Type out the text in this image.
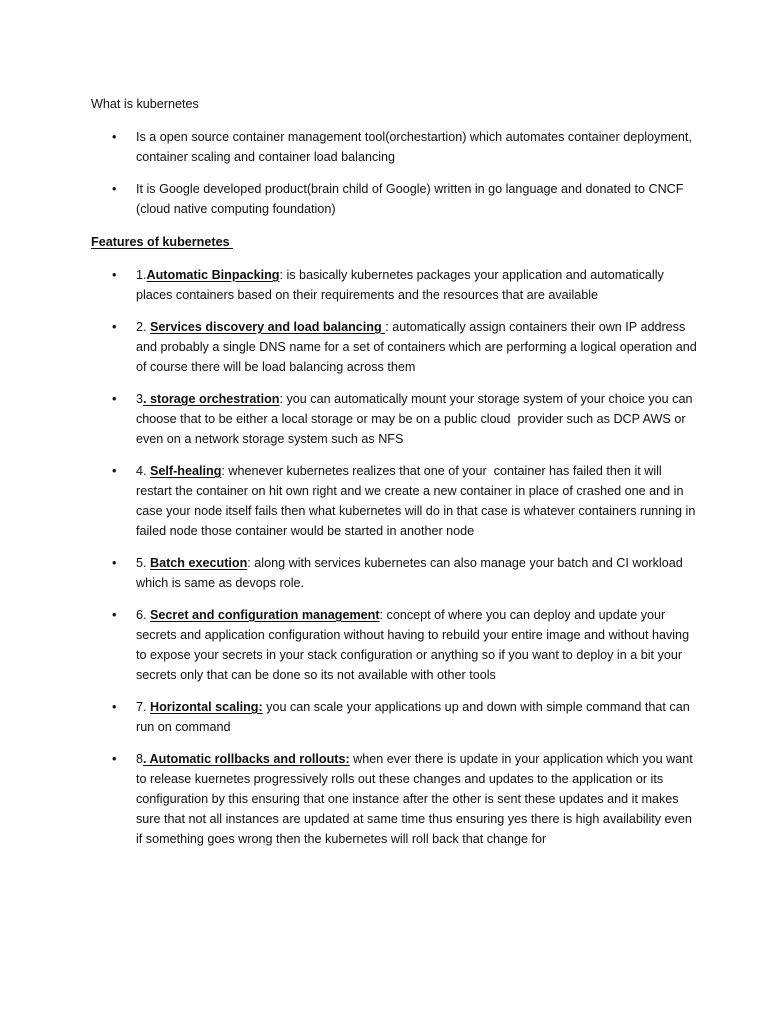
What is kubernetes

• Is a open source container management tool(orchestartion) which automates container deployment, container scaling and container load balancing
• It is Google developed product(brain child of Google) written in go language and donated to CNCF (cloud native computing foundation)

Features of kubernetes

• 1.Automatic Binpacking: is basically kubernetes packages your application and automatically places containers based on their requirements and the resources that are available
• 2. Services discovery and load balancing : automatically assign containers their own IP address and probably a single DNS name for a set of containers which are performing a logical operation and of course there will be load balancing across them
• 3. storage orchestration: you can automatically mount your storage system of your choice you can choose that to be either a local storage or may be on a public cloud  provider such as DCP AWS or even on a network storage system such as NFS
• 4. Self-healing: whenever kubernetes realizes that one of your  container has failed then it will restart the container on hit own right and we create a new container in place of crashed one and in case your node itself fails then what kubernetes will do in that case is whatever containers running in failed node those container would be started in another node
• 5. Batch execution: along with services kubernetes can also manage your batch and CI workload which is same as devops role.
• 6. Secret and configuration management: concept of where you can deploy and update your secrets and application configuration without having to rebuild your entire image and without having to expose your secrets in your stack configuration or anything so if you want to deploy in a bit your secrets only that can be done so its not available with other tools
• 7. Horizontal scaling: you can scale your applications up and down with simple command that can run on command
• 8. Automatic rollbacks and rollouts: when ever there is update in your application which you want to release kuernetes progressively rolls out these changes and updates to the application or its configuration by this ensuring that one instance after the other is sent these updates and it makes sure that not all instances are updated at same time thus ensuring yes there is high availability even if something goes wrong then the kubernetes will roll back that change for
